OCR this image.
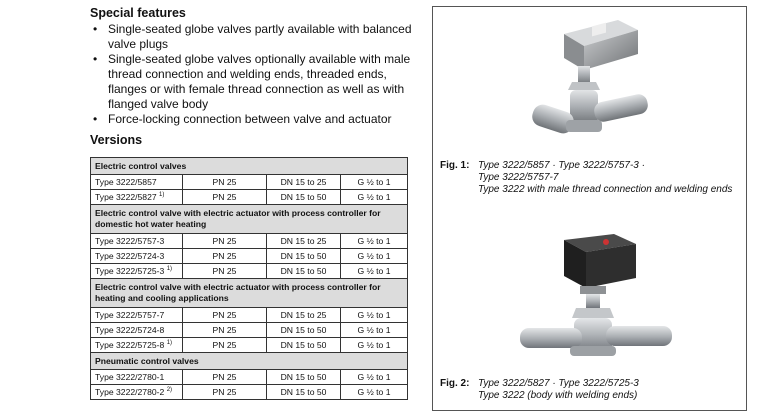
Special features

• Single-seated globe valves partly available with balanced valve plugs
• Single-seated globe valves optionally available with male thread connection and welding ends, threaded ends, flanges or with female thread connection as well as with flanged valve body
• Force-locking connection between valve and actuator

Versions

Electric control valves			
Type 3222/5857	PN 25	DN 15 to 25	G ½ to 1
Type 3222/5827 $^{1)}$	PN 25	DN 15 to 50	G ½ to 1
Electric control valve with electric actuator with process controller for domestic hot water heating			
Type 3222/5757-3	PN 25	DN 15 to 25	G ½ to 1
Type 3222/5724-3	PN 25	DN 15 to 50	G ½ to 1
Type 3222/5725-3 $^{1)}$	PN 25	DN 15 to 50	G ½ to 1
Electric control valve with electric actuator with process controller for heating and cooling applications			
Type 3222/5757-7	PN 25	DN 15 to 25	G ½ to 1
Type 3222/5724-8	PN 25	DN 15 to 50	G ½ to 1
Type 3222/5725-8 $^{1)}$	PN 25	DN 15 to 50	G ½ to 1
Pneumatic control valves			
Type 3222/2780-1	PN 25	DN 15 to 50	G ½ to 1
Type 3222/2780-2 $^{2)}$	PN 25	DN 15 to 50	G ½ to 1
Fig. 1: Type 3222/5857 · Type 3222/5757-3 ·
Type 3222/5757-7
Type 3222 with male thread connection and welding ends
Fig. 2: Type 3222/5827 · Type 3222/5725-3
Type 3222 (body with welding ends)
